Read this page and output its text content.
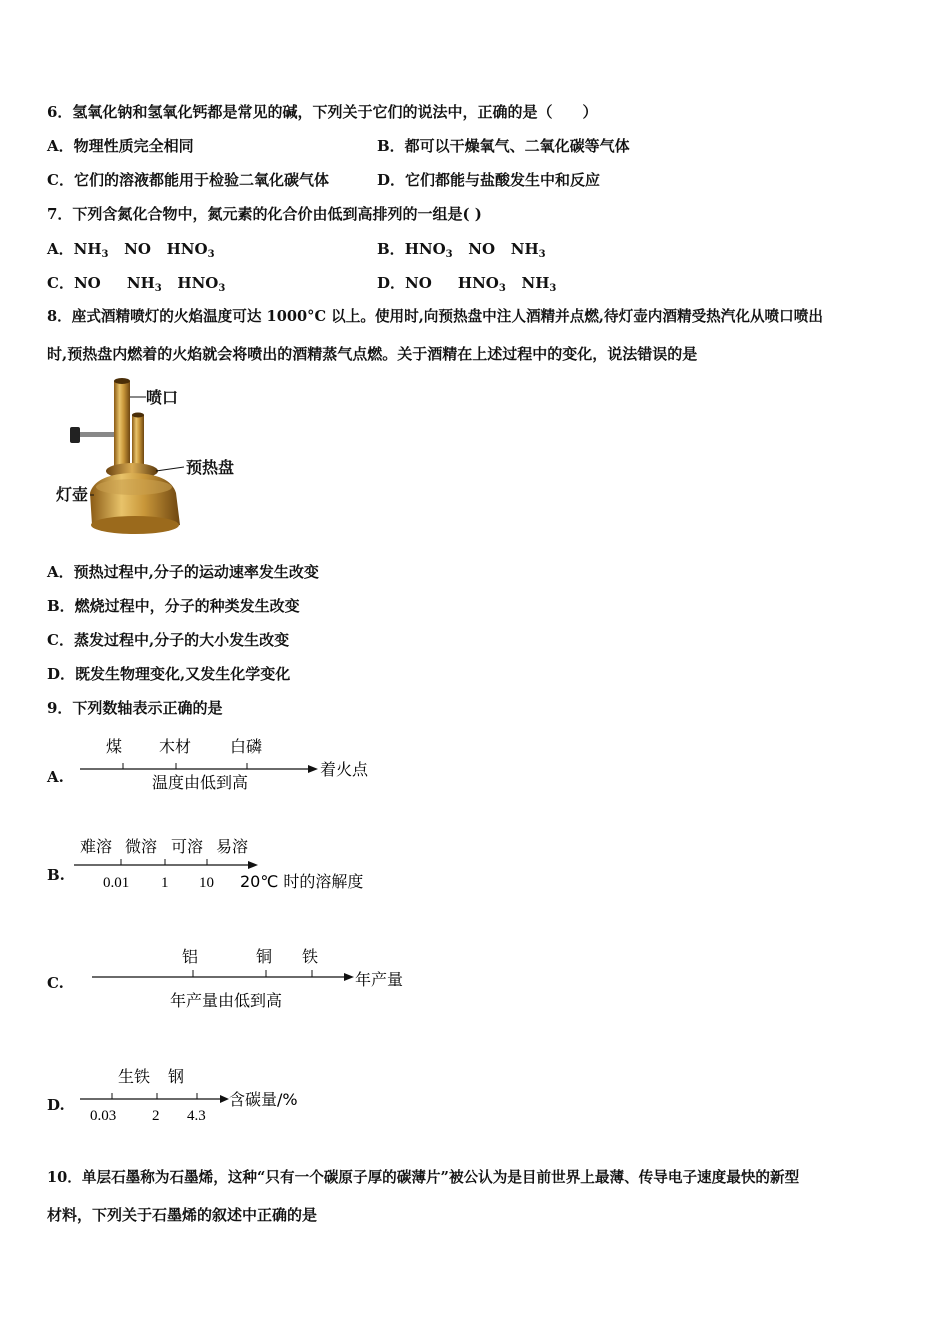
6．氢氧化钠和氢氧化钙都是常见的碱，下列关于它们的说法中，正确的是（　　）
A．物理性质完全相同	B．都可以干燥氧气、二氧化碳等气体
C．它们的溶液都能用于检验二氧化碳气体	D．它们都能与盐酸发生中和反应
7．下列含氮化合物中，氮元素的化合价由低到高排列的一组是( )
A．$NH_3$ NO $HNO_3$	B．$HNO_3$ NO $NH_3$
C．NO $NH_3$ $HNO_3$	D．NO $HNO_3$ $NH_3$
8．座式酒精喷灯的火焰温度可达 1000°C 以上。使用时,向预热盘中注人酒精并点燃,待灯壶内酒精受热汽化从喷口喷出
时,预热盘内燃着的火焰就会将喷出的酒精蒸气点燃。关于酒精在上述过程中的变化，说法错误的是
喷口
预热盘
灯壶
A．预热过程中,分子的运动速率发生改变
B．燃烧过程中，分子的种类发生改变
C．蒸发过程中,分子的大小发生改变
D．既发生物理变化,又发生化学变化
9．下列数轴表示正确的是
A.
煤 木材 白磷
温度由低到高
着火点
B.
难溶 微溶 可溶 易溶
0.01 1 10 20℃ 时的溶解度
C.
铝	铜 铁
年产量由低到高
年产量
D.
生铁 钢
0.03 2 4.3
含碳量/%
10．单层石墨称为石墨烯，这种“只有一个碳原子厚的碳薄片”被公认为是目前世界上最薄、传导电子速度最快的新型
材料，下列关于石墨烯的叙述中正确的是
